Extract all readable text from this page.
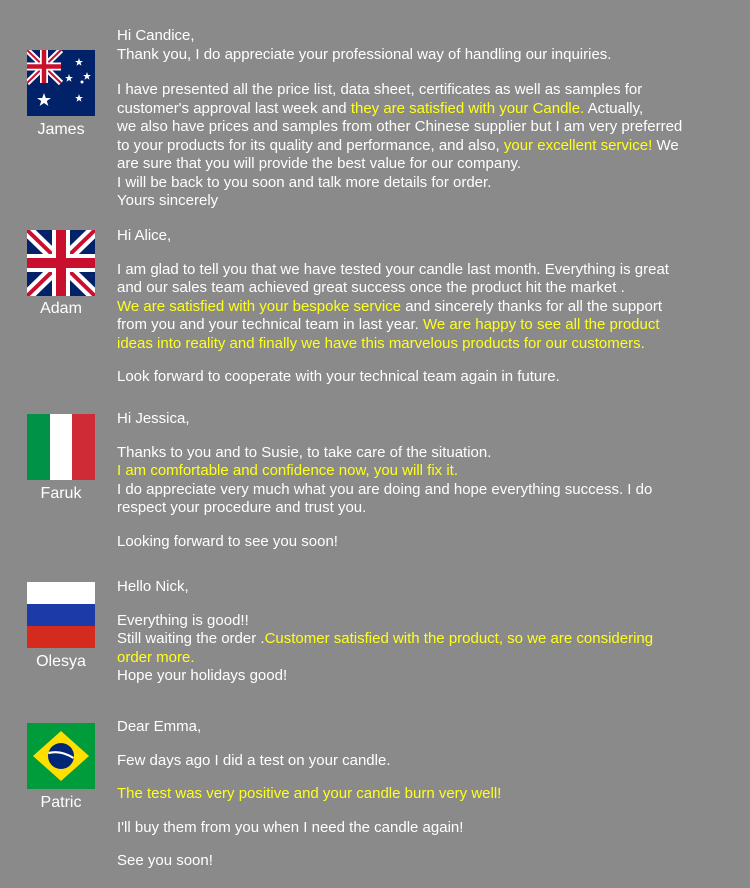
James

Hi Candice,

Thank you, I do appreciate your professional way of handling our inquiries.

I have presented all the price list, data sheet, certificates as well as samples for

customer's approval last week and they are satisfied with your Candle. Actually,

we also have prices and samples from other Chinese supplier but I am very preferred

to your products for its quality and performance, and also, your excellent service! We

are sure that you will provide the best value for our company.

I will be back to you soon and talk more details for order.

Yours sincerely

Adam

Hi Alice,

I am glad to tell you that we have tested your candle last month. Everything is great

and our sales team achieved great success once the product hit the market .

We are satisfied with your bespoke service and sincerely thanks for all the support

from you and your technical team in last year. We are happy to see all the product

ideas into reality and finally we have this marvelous products for our customers.

Look forward to cooperate with your technical team again in future.

Faruk

Hi Jessica,

Thanks to you and to Susie, to take care of the situation.

I am comfortable and confidence now, you will fix it.

I do appreciate very much what you are doing and hope everything success. I do

respect your procedure and trust you.

Looking forward to see you soon!

Olesya

Hello Nick,

Everything is good!!

Still waiting the order .Customer satisfied with the product, so we are considering

order more.

Hope your holidays good!

Patric

Dear Emma,

Few days ago I did a test on your candle.

The test was very positive and your candle burn very well!

I'll buy them from you when I need the candle again!

See you soon!
